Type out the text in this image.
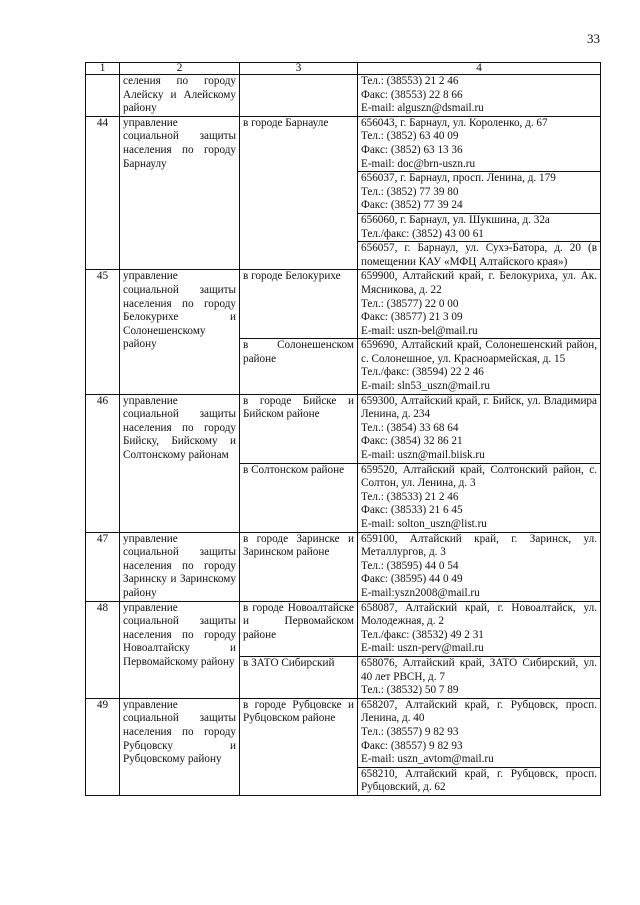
33
1	2	3	4
	селения по городу Алейску и Алейскому району		Тел.: (38553) 21 2 46
Факс: (38553) 22 8 66
E-mail: alguszn@dsmail.ru

44	управление социальной защиты населения по городу Барнаулу	в городе Барнауле	656043, г. Барнаул, ул. Короленко, д. 67
Тел.: (3852) 63 40 09
Факс: (3852) 63 13 36
E-mail: doc@brn-uszn.ru

			656037, г. Барнаул, просп. Ленина, д. 179
Тел.: (3852) 77 39 80
Факс: (3852) 77 39 24

			656060, г. Барнаул, ул. Шукшина, д. 32а
Тел./факс: (3852) 43 00 61

			656057, г. Барнаул, ул. Сухэ-Батора, д. 20 (в помещении КАУ «МФЦ Алтайского края»)

45	управление социальной защиты населения по городу Белокурихе и Солонешенскому району	в городе Белокурихе	659900, Алтайский край, г. Белокуриха, ул. Ак. Мясникова, д. 22
Тел.: (38577) 22 0 00
Факс: (38577) 21 3 09
E-mail: uszn-bel@mail.ru

		в Солонешенском районе	659690, Алтайский край, Солонешенский район, с. Солонешное, ул. Красноармейская, д. 15
Тел./факс: (38594) 22 2 46
E-mail: sln53_uszn@mail.ru

46	управление социальной защиты населения по городу Бийску, Бийскому и Солтонскому районам	в городе Бийске и Бийском районе	659300, Алтайский край, г. Бийск, ул. Владимира Ленина, д. 234
Тел.: (3854) 33 68 64
Факс: (3854) 32 86 21
E-mail: uszn@mail.biisk.ru

		в Солтонском районе	659520, Алтайский край, Солтонский район, с. Солтон, ул. Ленина, д. 3
Тел.: (38533) 21 2 46
Факс: (38533) 21 6 45
E-mail: solton_uszn@list.ru

47	управление социальной защиты населения по городу Заринску и Заринскому району	в городе Заринске и Заринском районе	659100, Алтайский край, г. Заринск, ул. Металлургов, д. 3
Тел.: (38595) 44 0 54
Факс: (38595) 44 0 49
E-mail:yszn2008@mail.ru

48	управление социальной защиты населения по городу Новоалтайску и Первомайскому району	в городе Новоалтайске и Первомайском районе	658087, Алтайский край, г. Новоалтайск, ул. Молодежная, д. 2
Тел./факс: (38532) 49 2 31
E-mail: uszn-perv@mail.ru

		в ЗАТО Сибирский	658076, Алтайский край, ЗАТО Сибирский, ул. 40 лет РВСН, д. 7
Тел.: (38532) 50 7 89

49	управление социальной защиты населения по городу Рубцовску и Рубцовскому району	в городе Рубцовске и Рубцовском районе	658207, Алтайский край, г. Рубцовск, просп. Ленина, д. 40
Тел.: (38557) 9 82 93
Факс: (38557) 9 82 93
E-mail: uszn_avtom@mail.ru

			658210, Алтайский край, г. Рубцовск, просп. Рубцовский, д. 62
